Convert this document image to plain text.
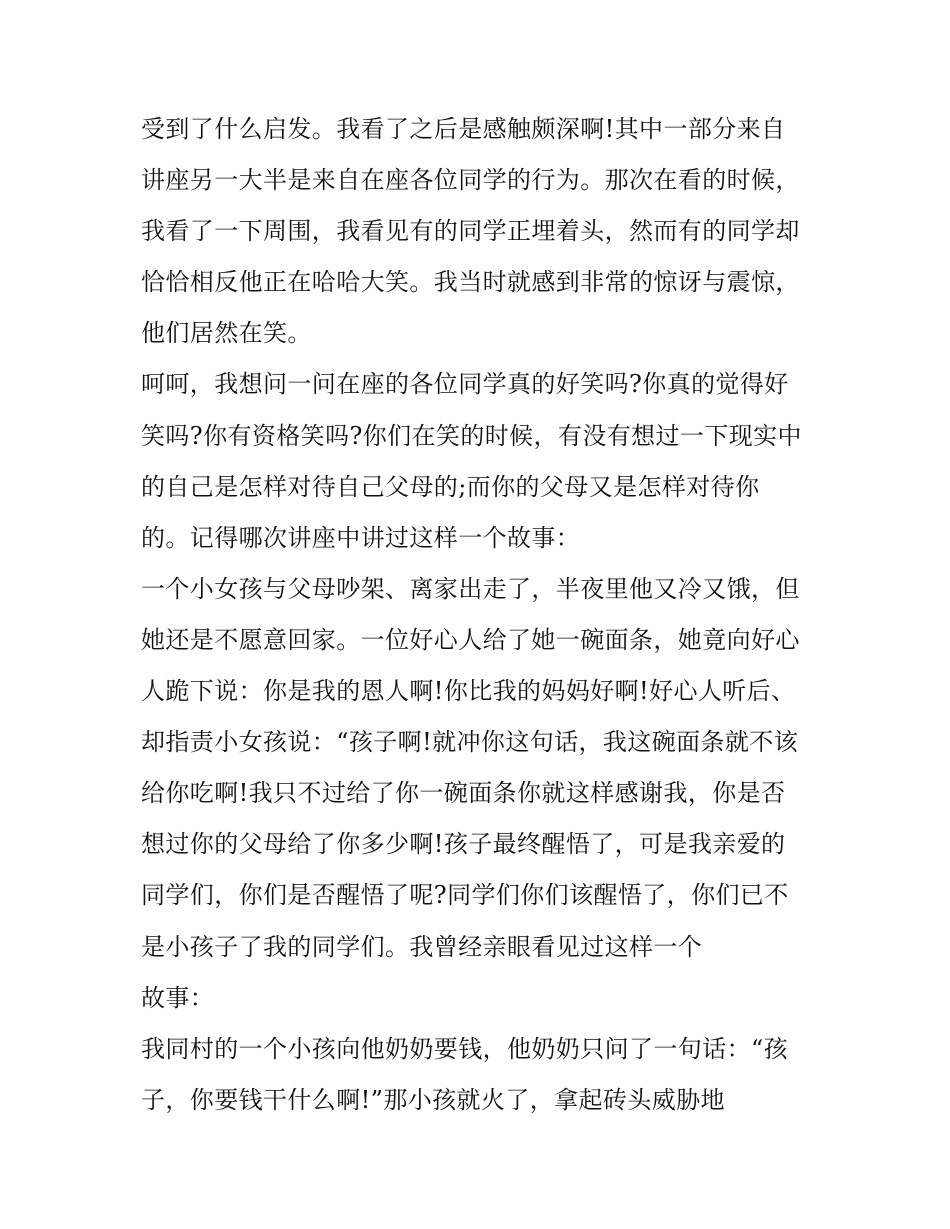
受到了什么启发。我看了之后是感触颇深啊!其中一部分来自
讲座另一大半是来自在座各位同学的行为。那次在看的时候，
我看了一下周围，我看见有的同学正埋着头，然而有的同学却
恰恰相反他正在哈哈大笑。我当时就感到非常的惊讶与震惊，
他们居然在笑。
呵呵，我想问一问在座的各位同学真的好笑吗?你真的觉得好
笑吗?你有资格笑吗?你们在笑的时候，有没有想过一下现实中
的自己是怎样对待自己父母的;而你的父母又是怎样对待你
的。记得哪次讲座中讲过这样一个故事：
一个小女孩与父母吵架、离家出走了，半夜里他又冷又饿，但
她还是不愿意回家。一位好心人给了她一碗面条，她竟向好心
人跪下说：你是我的恩人啊!你比我的妈妈好啊!好心人听后、
却指责小女孩说：“孩子啊!就冲你这句话，我这碗面条就不该
给你吃啊!我只不过给了你一碗面条你就这样感谢我，你是否
想过你的父母给了你多少啊!孩子最终醒悟了，可是我亲爱的
同学们，你们是否醒悟了呢?同学们你们该醒悟了，你们已不
是小孩子了我的同学们。我曾经亲眼看见过这样一个
故事：
我同村的一个小孩向他奶奶要钱，他奶奶只问了一句话：“孩
子，你要钱干什么啊!”那小孩就火了，拿起砖头威胁地
